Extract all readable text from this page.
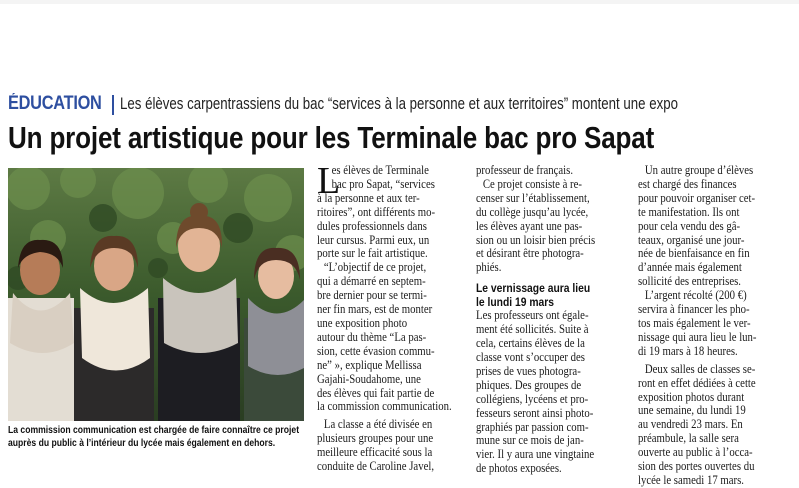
ÉDUCATION Les élèves carpentrassiens du bac “services à la personne et aux territoires” montent une expo
Un projet artistique pour les Terminale bac pro Sapat
La commission communication est chargée de faire connaître ce projet
auprès du public à l’intérieur du lycée mais également en dehors.
L
es élèves de Terminale
bac pro Sapat, “services
à la personne et aux ter-
ritoires”, ont différents mo-
dules professionnels dans
leur cursus. Parmi eux, un
porte sur le fait artistique.
“L’objectif de ce projet,
qui a démarré en septem-
bre dernier pour se termi-
ner fin mars, est de monter
une exposition photo
autour du thème “La pas-
sion, cette évasion commu-
ne” », explique Mellissa
Gajahi-Soudahome, une
des élèves qui fait partie de
la commission communication.
La classe a été divisée en
plusieurs groupes pour une
meilleure efficacité sous la
conduite de Caroline Javel,
professeur de français.
Ce projet consiste à re-
censer sur l’établissement,
du collège jusqu’au lycée,
les élèves ayant une pas-
sion ou un loisir bien précis
et désirant être photogra-
phiés.
Le vernissage aura lieu
le lundi 19 mars
Les professeurs ont égale-
ment été sollicités. Suite à
cela, certains élèves de la
classe vont s’occuper des
prises de vues photogra-
phiques. Des groupes de
collégiens, lycéens et pro-
fesseurs seront ainsi photo-
graphiés par passion com-
mune sur ce mois de jan-
vier. Il y aura une vingtaine
de photos exposées.
Un autre groupe d’élèves
est chargé des finances
pour pouvoir organiser cet-
te manifestation. Ils ont
pour cela vendu des gâ-
teaux, organisé une jour-
née de bienfaisance en fin
d’année mais également
sollicité des entreprises.
L’argent récolté (200 €)
servira à financer les pho-
tos mais également le ver-
nissage qui aura lieu le lun-
di 19 mars à 18 heures.
Deux salles de classes se-
ront en effet dédiées à cette
exposition photos durant
une semaine, du lundi 19
au vendredi 23 mars. En
préambule, la salle sera
ouverte au public à l’occa-
sion des portes ouvertes du
lycée le samedi 17 mars.
